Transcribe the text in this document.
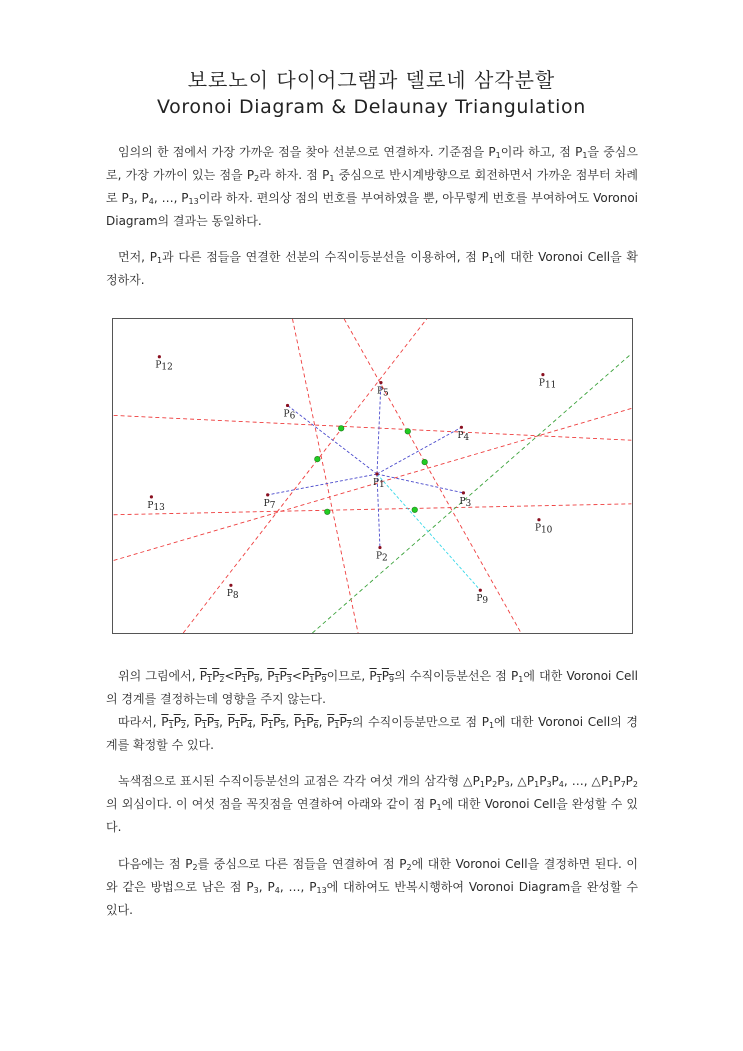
보로노이 다이어그램과 델로네 삼각분할
Voronoi Diagram & Delaunay Triangulation
임의의 한 점에서 가장 가까운 점을 찾아 선분으로 연결하자. 기준점을 $P_1$이라 하고, 점 $P_1$을 중심으로, 가장 가까이 있는 점을 $P_2$라 하자. 점 $P_1$ 중심으로 반시계방향으로 회전하면서 가까운 점부터 차례로 $P_3$, $P_4$, …, $P_{13}$이라 하자. 편의상 점의 번호를 부여하였을 뿐, 아무렇게 번호를 부여하여도 Voronoi Diagram의 결과는 동일하다.
먼저, $P_1$과 다른 점들을 연결한 선분의 수직이등분선을 이용하여, 점 $P_1$에 대한 Voronoi Cell을 확정하자.
P1
P2
P3
P4
P5
P6
P7
P8	P9
P10
P11
P12
P13
위의 그림에서, $P_1P_2<P_1P_9$, $P_1P_3<P_1P_9$이므로, $P_1P_9$의 수직이등분선은 점 $P_1$에 대한 Voronoi Cell의 경계를 결정하는데 영향을 주지 않는다.
따라서, $P_1P_2$, $P_1P_3$, $P_1P_4$, $P_1P_5$, $P_1P_6$, $P_1P_7$의 수직이등분만으로 점 $P_1$에 대한 Voronoi Cell의 경계를 확정할 수 있다.
녹색점으로 표시된 수직이등분선의 교점은 각각 여섯 개의 삼각형 $\triangle P_1P_2P_3$, $\triangle P_1P_3P_4$, …, $\triangle P_1P_7P_2$의 외심이다. 이 여섯 점을 꼭짓점을 연결하여 아래와 같이 점 $P_1$에 대한 Voronoi Cell을 완성할 수 있다.
다음에는 점 $P_2$를 중심으로 다른 점들을 연결하여 점 $P_2$에 대한 Voronoi Cell을 결정하면 된다. 이와 같은 방법으로 남은 점 $P_3$, $P_4$, …, $P_{13}$에 대하여도 반복시행하여 Voronoi Diagram을 완성할 수 있다.
